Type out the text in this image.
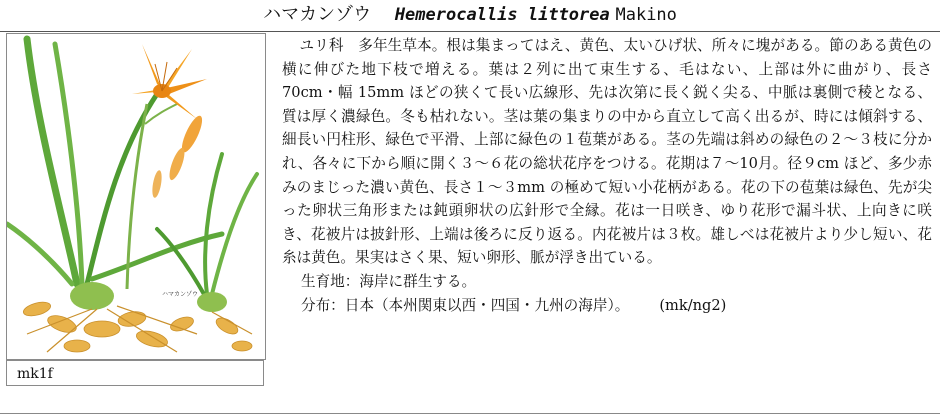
ハマカンゾウ Hemerocallis littorea Makino
ハマカンゾウ
mk1f

ユリ科　多年生草本。根は集まってはえ、黄色、太いひげ状、所々に塊がある。節のある黄色の横に伸びた地下枝で増える。葉は２列に出て束生する、毛はない、上部は外に曲がり、長さ 70cm・幅 15mm ほどの狭くて長い広線形、先は次第に長く鋭く尖る、中脈は裏側で稜となる、質は厚く濃緑色。冬も枯れない。茎は葉の集まりの中から直立して高く出るが、時には傾斜する、細長い円柱形、緑色で平滑、上部に緑色の１苞葉がある。茎の先端は斜めの緑色の２～３枝に分かれ、各々に下から順に開く３～６花の総状花序をつける。花期は７～10月。径９cm ほど、多少赤みのまじった濃い黄色、長さ１～３mm の極めて短い小花柄がある。花の下の苞葉は緑色、先が尖った卵状三角形または鈍頭卵状の広針形で全縁。花は一日咲き、ゆり花形で漏斗状、上向きに咲き、花被片は披針形、上端は後ろに反り返る。内花被片は３枚。雄しべは花被片より少し短い、花糸は黄色。果実はさく果、短い卵形、脈が浮き出ている。

生育地：海岸に群生する。

分布：日本（本州関東以西・四国・九州の海岸）。 (mk/ng2)
